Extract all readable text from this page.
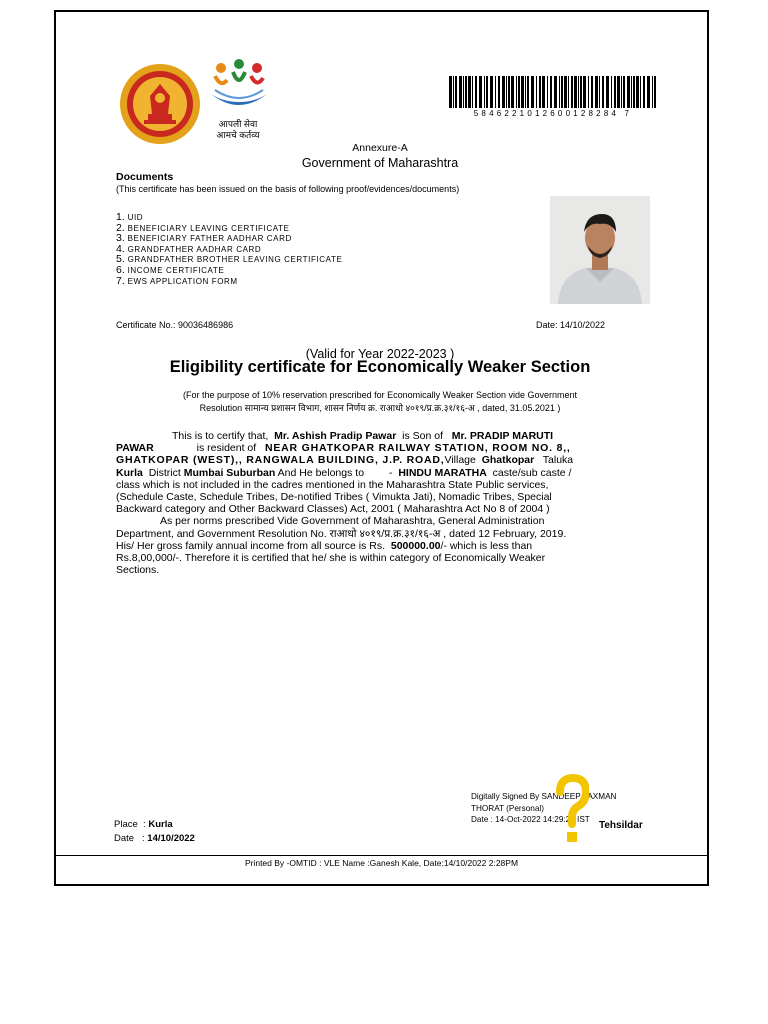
आपली सेवा
आमचे कर्तव्य
5846221012600128284 7
Annexure-A
Government of Maharashtra
Documents
(This certificate has been issued on the basis of following proof/evidences/documents)
1. UID
2. BENEFICIARY LEAVING CERTIFICATE
3. BENEFICIARY FATHER AADHAR CARD
4. GRANDFATHER AADHAR CARD
5. GRANDFATHER BROTHER LEAVING CERTIFICATE
6. INCOME CERTIFICATE
7. EWS APPLICATION FORM
Certificate No.: 90036486986	Date: 14/10/2022
(Valid for Year 2022-2023 )
Eligibility certificate for Economically Weaker Section
(For the purpose of 10% reservation prescribed for Economically Weaker Section vide Government
Resolution सामान्य प्रशासन विभाग, शासन निर्णय क्र. राआधो ४०१९/प्र.क्र.३१/१६-अ , dated, 31.05.2021 )

This is to certify that, Mr. Ashish Pradip Pawar is Son of Mr. PRADIP MARUTI

PAWAR	is resident of NEAR GHATKOPAR RAILWAY STATION, ROOM NO. 8,,

GHATKOPAR (WEST),, RANGWALA BUILDING, J.P. ROAD,Village Ghatkopar Taluka

Kurla District Mumbai Suburban And He belongs to - HINDU MARATHA caste/sub caste /

class which is not included in the cadres mentioned in the Maharashtra State Public services,

(Schedule Caste, Schedule Tribes, De-notified Tribes ( Vimukta Jati), Nomadic Tribes, Special

Backward category and Other Backward Classes) Act, 2001 ( Maharashtra Act No 8 of 2004 )

As per norms prescribed Vide Government of Maharashtra, General Administration

Department, and Government Resolution No. राआधो ४०१९/प्र.क्र.३१/१६-अ , dated 12 February, 2019.

His/ Her gross family annual income from all source is Rs. 500000.00/- which is less than

Rs.8,00,000/-. Therefore it is certified that he/ she is within category of Economically Weaker

Sections.

Digitally Signed By SANDEEP LAXMAN
THORAT (Personal)
Date : 14-Oct-2022 14:29:23 IST
Tehsildar
Place  : Kurla
Date   : 14/10/2022
Printed By -OMTID : VLE Name :Ganesh Kale, Date:14/10/2022 2:28PM
